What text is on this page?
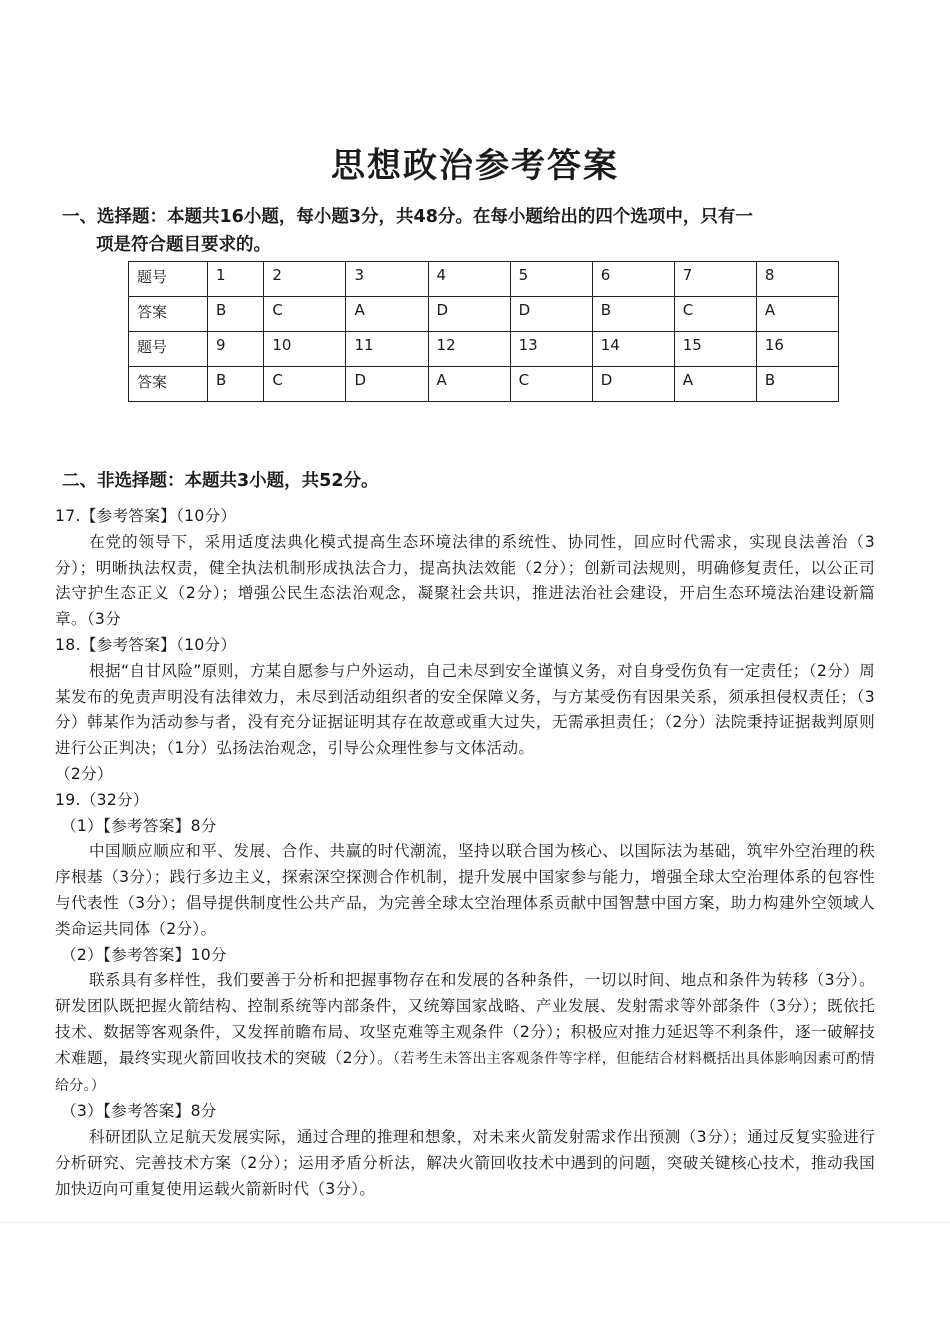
思想政治参考答案
一、选择题：本题共16小题，每小题3分，共48分。在每小题给出的四个选项中，只有一
项是符合题目要求的。
题号	1	2	3	4	5	6	7	8
答案	B	C	A	D	D	B	C	A
题号	9	10	11	12	13	14	15	16
答案	B	C	D	A	C	D	A	B
二、非选择题：本题共3小题，共52分。

17.【参考答案】（10分）

在党的领导下，采用适度法典化模式提高生态环境法律的系统性、协同性，回应时代需求，实现良法善治（3分）；明晰执法权责，健全执法机制形成执法合力，提高执法效能（2分）；创新司法规则，明确修复责任，以公正司法守护生态正义（2分）；增强公民生态法治观念，凝聚社会共识，推进法治社会建设，开启生态环境法治建设新篇章。（3分

18.【参考答案】（10分）

根据“自甘风险”原则，方某自愿参与户外运动，自己未尽到安全谨慎义务，对自身受伤负有一定责任；（2分）周某发布的免责声明没有法律效力，未尽到活动组织者的安全保障义务，与方某受伤有因果关系，须承担侵权责任；（3分）韩某作为活动参与者，没有充分证据证明其存在故意或重大过失，无需承担责任；（2分）法院秉持证据裁判原则进行公正判决；（1分）弘扬法治观念，引导公众理性参与文体活动。

（2分）

19.（32分）

（1）【参考答案】8分

中国顺应顺应和平、发展、合作、共赢的时代潮流，坚持以联合国为核心、以国际法为基础，筑牢外空治理的秩序根基（3分）；践行多边主义，探索深空探测合作机制，提升发展中国家参与能力，增强全球太空治理体系的包容性与代表性（3分）；倡导提供制度性公共产品，为完善全球太空治理体系贡献中国智慧中国方案，助力构建外空领域人类命运共同体（2分）。

（2）【参考答案】10分

联系具有多样性，我们要善于分析和把握事物存在和发展的各种条件，一切以时间、地点和条件为转移（3分）。研发团队既把握火箭结构、控制系统等内部条件，又统筹国家战略、产业发展、发射需求等外部条件（3分）；既依托技术、数据等客观条件，又发挥前瞻布局、攻坚克难等主观条件（2分）；积极应对推力延迟等不利条件，逐一破解技术难题，最终实现火箭回收技术的突破（2分）。（若考生未答出主客观条件等字样，但能结合材料概括出具体影响因素可酌情给分。）

（3）【参考答案】8分

科研团队立足航天发展实际，通过合理的推理和想象，对未来火箭发射需求作出预测（3分）；通过反复实验进行分析研究、完善技术方案（2分）；运用矛盾分析法，解决火箭回收技术中遇到的问题，突破关键核心技术，推动我国加快迈向可重复使用运载火箭新时代（3分）。
